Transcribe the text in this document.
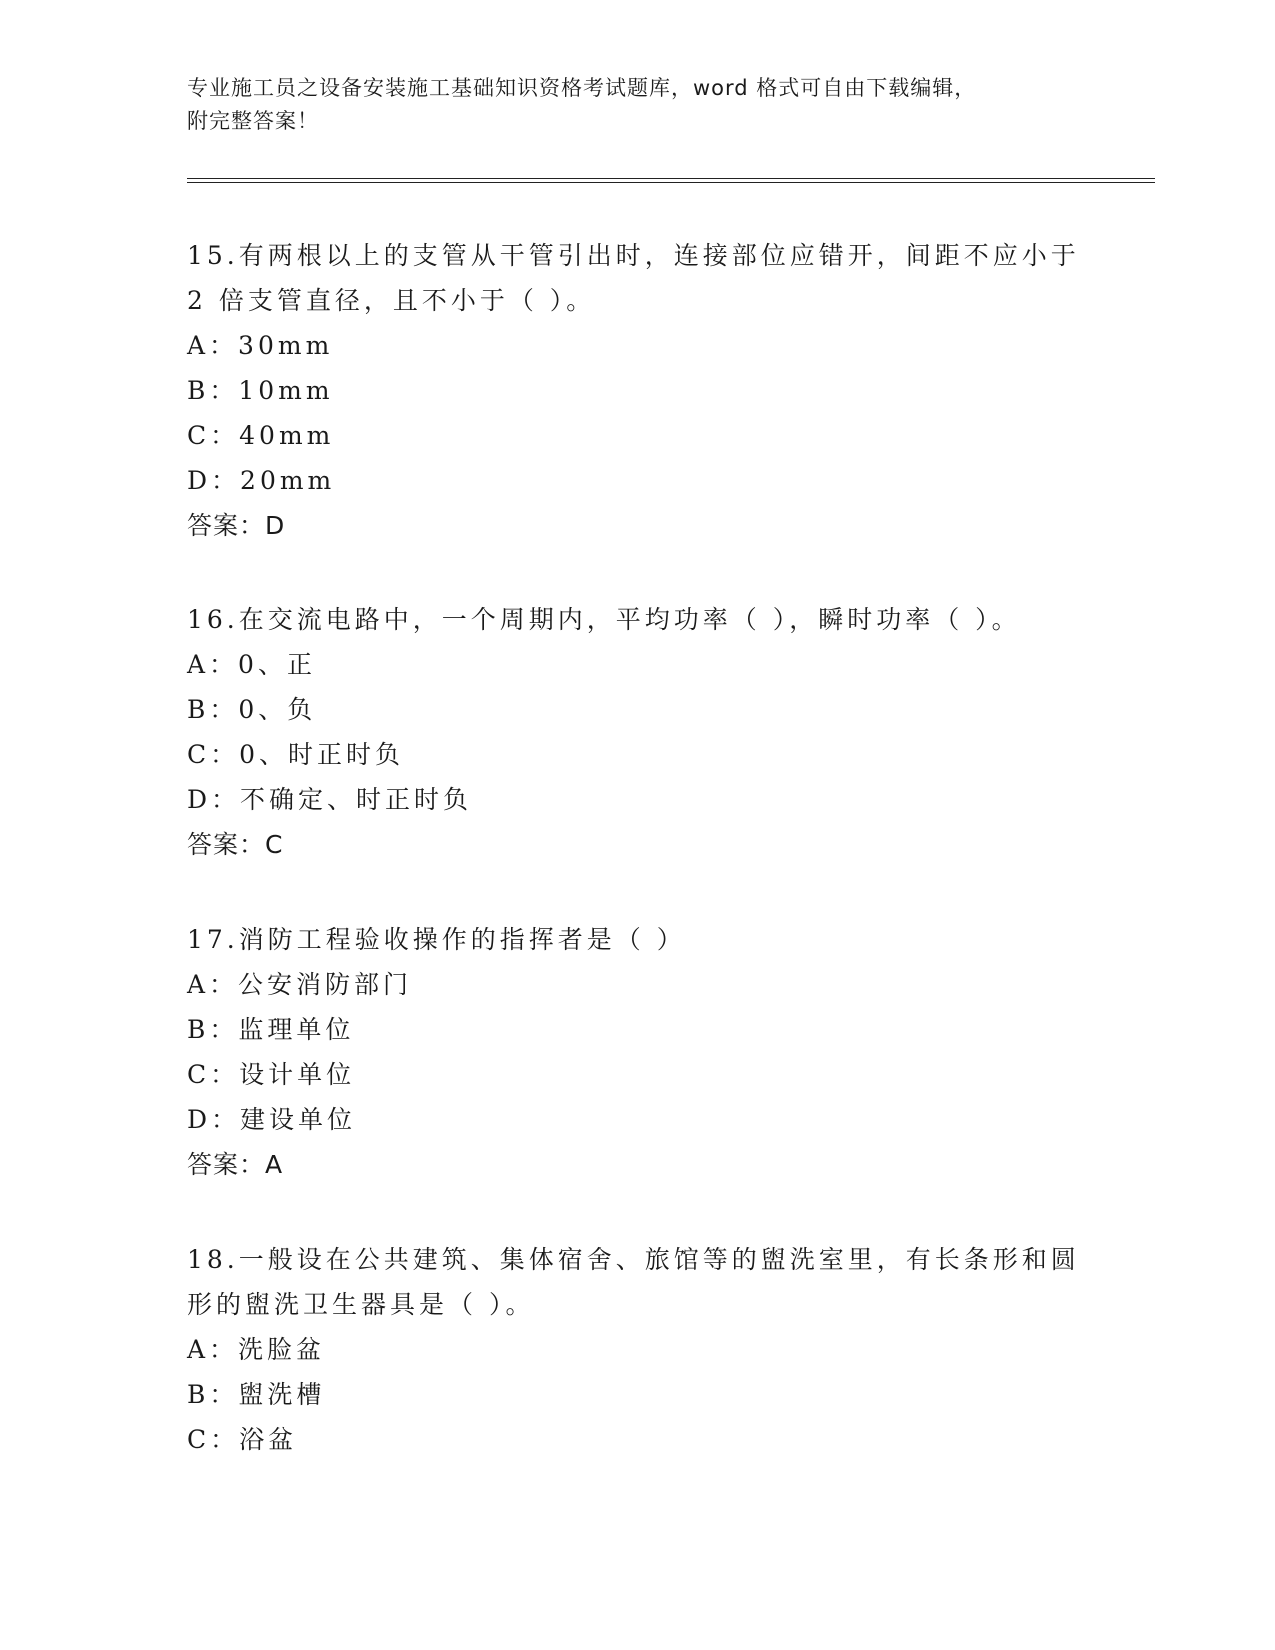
专业施工员之设备安装施工基础知识资格考试题库，word 格式可自由下载编辑，
附完整答案！

15.有两根以上的支管从干管引出时，连接部位应错开，间距不应小于

2 倍支管直径，且不小于（ ）。

A：30mm

B：10mm

C：40mm

D：20mm

答案：D

16.在交流电路中，一个周期内，平均功率（ ），瞬时功率（ ）。

A：0、正

B：0、负

C：0、时正时负

D：不确定、时正时负

答案：C

17.消防工程验收操作的指挥者是（ ）

A：公安消防部门

B：监理单位

C：设计单位

D：建设单位

答案：A

18.一般设在公共建筑、集体宿舍、旅馆等的盥洗室里，有长条形和圆

形的盥洗卫生器具是（ ）。

A：洗脸盆

B：盥洗槽

C：浴盆
